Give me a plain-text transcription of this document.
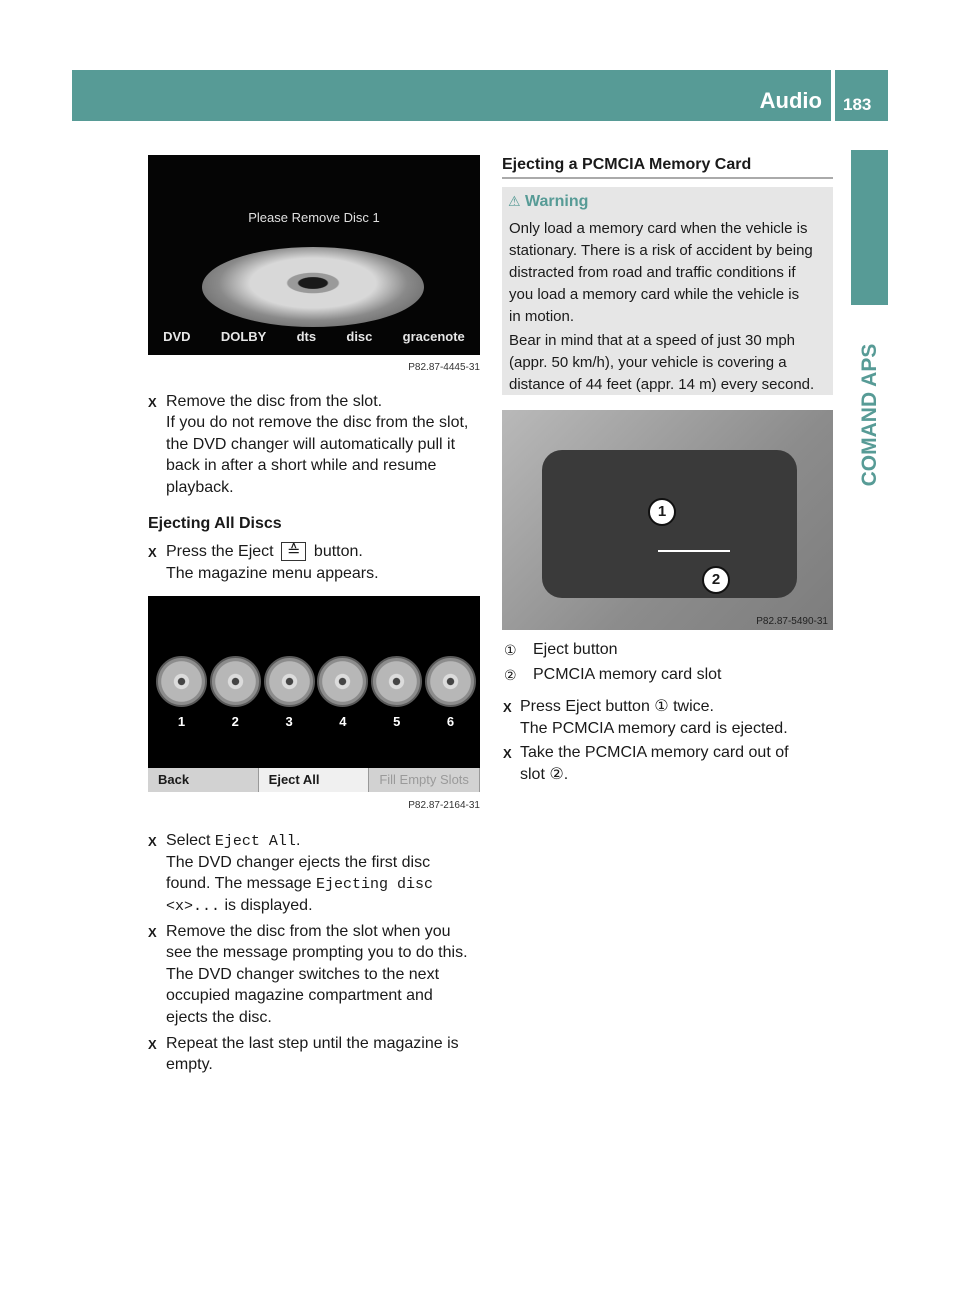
Audio 183
COMAND APS
Please Remove Disc 1
DVD DOLBY dts disc gracenote
P82.87-4445-31
X Remove the disc from the slot.
If you do not remove the disc from the slot,
the DVD changer will automatically pull it
back in after a short while and resume
playback.
Ejecting All Discs
X Press the Eject ≙ button.
The magazine menu appears.
1	2	3	4	5	6
Back	Eject All	Fill Empty Slots
P82.87-2164-31
X Select Eject All.
The DVD changer ejects the first disc
found. The message Ejecting disc
<x>... is displayed.
X Remove the disc from the slot when you
see the message prompting you to do this.
The DVD changer switches to the next
occupied magazine compartment and
ejects the disc.
X Repeat the last step until the magazine is
empty.
Ejecting a PCMCIA Memory Card
⚠ Warning
Only load a memory card when the vehicle is
stationary. There is a risk of accident by being
distracted from road and traffic conditions if
you load a memory card while the vehicle is
in motion.
Bear in mind that at a speed of just 30 mph
(appr. 50 km/h), your vehicle is covering a
distance of 44 feet (appr. 14 m) every second.
1
2
P82.87-5490-31
① Eject button
② PCMCIA memory card slot
X Press Eject button ① twice.
The PCMCIA memory card is ejected.
X Take the PCMCIA memory card out of
slot ②.
